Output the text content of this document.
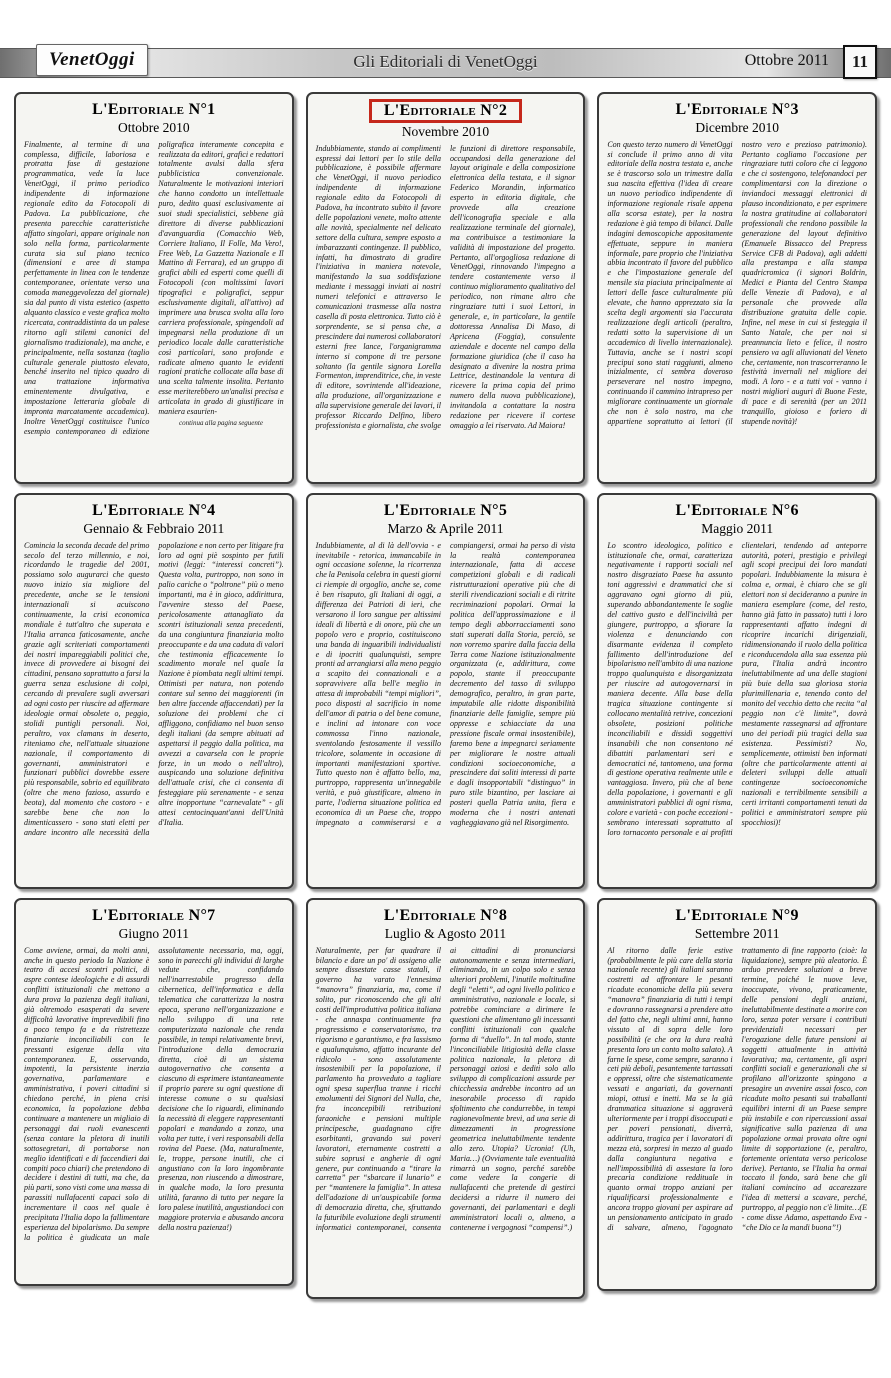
Gli Editoriali di VenetOggi
VenetOggi	Ottobre 2011 11
L'Editoriale N°1
Ottobre 2010

Finalmente, al termine di una complessa, difficile, laboriosa e protratta fase di gestazione programmatica, vede la luce VenetOggi, il primo periodico indipendente di informazione regionale edito da Fotocopoli di Padova. La pubblicazione, che presenta parecchie caratteristiche affatto singolari, appare originale non solo nella forma, particolarmente curata sia sul piano tecnico (dimensioni e aree di stampa perfettamente in linea con le tendenze contemporanee, orientate verso una comoda maneggevolezza del giornale) sia dal punto di vista estetico (aspetto alquanto classico e veste grafica molto ricercata, contraddistinta da un palese ritorno agli stilemi canonici del giornalismo tradizionale), ma anche, e principalmente, nella sostanza (taglio culturale generale piuttosto elevato, benché inserito nel tipico quadro di una trattazione informativa eminentemente divulgativa, e impostazione letteraria globale di impronta marcatamente accademica). Inoltre VenetOggi costituisce l'unico esempio contemporaneo di edizione poligrafica interamente concepita e realizzata da editori, grafici e redattori totalmente avulsi dalla sfera pubblicistica convenzionale. Naturalmente le motivazioni interiori che hanno condotto un intellettuale puro, dedito quasi esclusivamente ai suoi studi specialistici, sebbene già direttore di diverse pubblicazioni d'avanguardia (Comacchio Web, Corriere Italiano, Il Folle, Ma Vero!, Free Web, La Gazzetta Nazionale e Il Mattino di Ferrara), ed un gruppo di grafici abili ed esperti come quelli di Fotocopoli (con moltissimi lavori tipografici e poligrafici, seppur esclusivamente digitali, all'attivo) ad imprimere una brusca svolta alla loro carriera professionale, spingendoli ad impegnarsi nella produzione di un periodico locale dalle caratteristiche così particolari, sono profonde e radicate almeno quanto le evidenti ragioni pratiche collocate alla base di una scelta talmente insolita. Pertanto esse meriterebbero un'analisi precisa e articolata in grado di giustificare in maniera esaurien-

continua alla pagina seguente
L'Editoriale N°2
Novembre 2010

Indubbiamente, stando ai complimenti espressi dai lettori per lo stile della pubblicazione, è possibile affermare che VenetOggi, il nuovo periodico indipendente di informazione regionale edito da Fotocopoli di Padova, ha incontrato subito il favore delle popolazioni venete, molto attente alle novità, specialmente nel delicato settore della cultura, sempre esposto a imbarazzanti contingenze. Il pubblico, infatti, ha dimostrato di gradire l'iniziativa in maniera notevole, manifestando la sua soddisfazione mediante i messaggi inviati ai nostri numeri telefonici e attraverso le comunicazioni trasmesse alla nostra casella di posta elettronica. Tutto ciò è sorprendente, se si pensa che, a prescindere dai numerosi collaboratori esterni free lance, l'organigramma interno si compone di tre persone soltanto (la gentile signora Lorella Formenton, imprenditrice, che, in veste di editore, sovrintende all'ideazione, alla produzione, all'organizzazione e alla supervisione generale dei lavori, il professor Riccardo Delfino, libero professionista e giornalista, che svolge le funzioni di direttore responsabile, occupandosi della generazione del layout originale e della composizione elettronica della testata, e il signor Federico Morandin, informatico esperto in editoria digitale, che provvede alla creazione dell'iconografia speciale e alla realizzazione terminale del giornale), ma contribuisce a testimoniare la validità di impostazione del progetto. Pertanto, all'orgogliosa redazione di VenetOggi, rinnovando l'impegno a tendere costantemente verso il continuo miglioramento qualitativo del periodico, non rimane altro che ringraziare tutti i suoi Lettori, in generale, e, in particolare, la gentile dottoressa Annalisa Di Maso, di Apricena (Foggia), consulente aziendale e docente nel campo della formazione giuridica (che il caso ha designato a divenire la nostra prima Lettrice, destinandole la ventura di ricevere la prima copia del primo numero della nuova pubblicazione), invitandola a contattare la nostra redazione per ricevere il cortese omaggio a lei riservato. Ad Maiora!

L'Editoriale N°3
Dicembre 2010

Con questo terzo numero di VenetOggi si conclude il primo anno di vita editoriale della nostra testata e, anche se è trascorso solo un trimestre dalla sua nascita effettiva (l'idea di creare un nuovo periodico indipendente di informazione regionale risale appena alla scorsa estate), per la nostra redazione è già tempo di bilanci. Dalle indagini demoscopiche appositamente effettuate, seppure in maniera informale, pare proprio che l'iniziativa abbia incontrato il favore del pubblico e che l'impostazione generale del mensile sia piaciuta principalmente ai lettori delle fasce culturalmente più elevate, che hanno apprezzato sia la scelta degli argomenti sia l'accurata realizzazione degli articoli (peraltro, redatti sotto la supervisione di un accademico di livello internazionale). Tuttavia, anche se i nostri scopi precipui sono stati raggiunti, almeno inizialmente, ci sembra doveroso perseverare nel nostro impegno, continuando il cammino intrapreso per migliorare continuamente un giornale che non è solo nostro, ma che appartiene soprattutto ai lettori (il nostro vero e prezioso patrimonio). Pertanto cogliamo l'occasione per ringraziare tutti coloro che ci leggono e che ci sostengono, telefonandoci per complimentarsi con la direzione o inviandoci messaggi elettronici di plauso incondizionato, e per esprimere la nostra gratitudine ai collaboratori professionali che rendono possibile la generazione del layout definitivo (Emanuele Bissacco del Prepress Service CFB di Padova), agli addetti alla prestampa e alla stampa quadricromica (i signori Boldrin, Medici e Pianta del Centro Stampa delle Venezie di Padova), e al personale che provvede alla distribuzione gratuita delle copie. Infine, nel mese in cui si festeggia il Santo Natale, che per noi si preannuncia lieto e felice, il nostro pensiero va agli alluvionati del Veneto che, certamente, non trascorreranno le festività invernali nel migliore dei modi. A loro - e a tutti voi - vanno i nostri migliori auguri di Buone Feste, di pace e di serenità (per un 2011 tranquillo, gioioso e foriero di stupende novità)!

L'Editoriale N°4
Gennaio & Febbraio 2011

Comincia la seconda decade del primo secolo del terzo millennio, e noi, ricordando le tragedie del 2001, possiamo solo augurarci che questo nuovo inizio sia migliore del precedente, anche se le tensioni internazionali si acuiscono continuamente, la crisi economica mondiale è tutt'altro che superata e l'Italia arranca faticosamente, anche grazie agli scriteriati comportamenti dei nostri impareggiabili politici che, invece di provvedere ai bisogni dei cittadini, pensano soprattutto a farsi la guerra senza esclusione di colpi, cercando di prevalere sugli avversari ad ogni costo per riuscire ad affermare ideologie ormai obsolete o, peggio, stolidi puntigli personali. Noi, peraltro, vox clamans in deserto, riteniamo che, nell'attuale situazione nazionale, il comportamento di governanti, amministratori e funzionari pubblici dovrebbe essere più responsabile, sobrio ed equilibrato (oltre che meno fazioso, assurdo e beota), dal momento che costoro - e sarebbe bene che non lo dimenticassero - sono stati eletti per andare incontro alle necessità della popolazione e non certo per litigare fra loro ad ogni piè sospinto per futili motivi (leggi: “interessi concreti”). Questa volta, purtroppo, non sono in palio cariche o “poltrone” più o meno importanti, ma è in gioco, addirittura, l'avvenire stesso del Paese, pericolosamente attanagliato da scontri istituzionali senza precedenti, da una congiuntura finanziaria molto preoccupante e da una caduta di valori che testimonia efficacemente lo scadimento morale nel quale la Nazione è piombata negli ultimi tempi. Ottimisti per natura, non potendo contare sul senno dei maggiorenti (in ben altre faccende affaccendati) per la soluzione dei problemi che ci affliggono, confidiamo nel buon senso degli italiani (da sempre abituati ad aspettarsi il peggio dalla politica, ma avvezzi a cavarsela con le proprie forze, in un modo o nell'altro), auspicando una soluzione definitiva dell'attuale crisi, che ci consenta di festeggiare più serenamente - e senza altre inopportune “carnevalate” - gli attesi centocinquant'anni dell'Unità d'Italia.

L'Editoriale N°5
Marzo & Aprile 2011

Indubbiamente, al di là dell'ovvia - e inevitabile - retorica, immancabile in ogni occasione solenne, la ricorrenza che la Penisola celebra in questi giorni ci riempie di orgoglio, anche se, come è ben risaputo, gli Italiani di oggi, a differenza dei Patrioti di ieri, che versarono il loro sangue per altissimi ideali di libertà e di onore, più che un popolo vero e proprio, costituiscono una banda di inguaribili individualisti e di ipocriti qualunquisti, sempre pronti ad arrangiarsi alla meno peggio a scapito dei connazionali e a sopravvivere alla bell'e meglio in attesa di improbabili “tempi migliori”, poco disposti al sacrificio in nome dell'amor di patria o del bene comune, e inclini ad intonare con voce commossa l'inno nazionale, sventolando festosamente il vessillo tricolore, solamente in occasione di importanti manifestazioni sportive. Tutto questo non è affatto bello, ma, purtroppo, rappresenta un'innegabile verità, e può giustificare, almeno in parte, l'odierna situazione politica ed economica di un Paese che, troppo impegnato a commiserarsi e a compiangersi, ormai ha perso di vista la realtà contemporanea internazionale, fatta di accese competizioni globali e di radicali ristrutturazioni operative più che di sterili rivendicazioni sociali e di ritrite recriminazioni popolari. Ormai la politica dell'approssimazione e il tempo degli abborracciamenti sono stati superati dalla Storia, perciò, se non vorremo sparire dalla faccia della Terra come Nazione istituzionalmente organizzata (e, addirittura, come popolo, stante il preoccupante decremento del tasso di sviluppo demografico, peraltro, in gran parte, imputabile alle ridotte disponibilità finanziarie delle famiglie, sempre più oppresse e schiacciate da una pressione fiscale ormai insostenibile), faremo bene a impegnarci seriamente per migliorare le nostre attuali condizioni socioeconomiche, a prescindere dai soliti interessi di parte e dagli insopportabili “distinguo” in puro stile bizantino, per lasciare ai posteri quella Patria unita, fiera e moderna che i nostri antenati vagheggiavano già nel Risorgimento.

L'Editoriale N°6
Maggio 2011

Lo scontro ideologico, politico e istituzionale che, ormai, caratterizza negativamente i rapporti sociali nel nostro disgraziato Paese ha assunto toni aggressivi e drammatici che si aggravano ogni giorno di più, superando abbondantemente le soglie del cattivo gusto e dell'inciviltà per giungere, purtroppo, a sfiorare la violenza e denunciando con disarmante evidenza il completo fallimento dell'introduzione del bipolarismo nell'ambito di una nazione troppo qualunquista e disorganizzata per riuscire ad autogovernarsi in maniera decente. Alla base della tragica situazione contingente si collocano mentalità retrive, concezioni obsolete, posizioni politiche inconciliabili e dissidi soggettivi insanabili che non consentono né dibattiti parlamentari seri e democratici né, tantomeno, una forma di gestione operativa realmente utile e vantaggiosa. Invero, più che al bene della popolazione, i governanti e gli amministratori pubblici di ogni risma, colore e varietà - con poche eccezioni - sembrano interessati soprattutto al loro tornaconto personale e ai profitti clientelari, tendendo ad anteporre autorità, poteri, prestigio e privilegi agli scopi precipui dei loro mandati popolari. Indubbiamente la misura è colma e, ormai, è chiaro che se gli elettori non si decideranno a punire in maniera esemplare (come, del resto, hanno già fatto in passato) tutti i loro rappresentanti affatto indegni di ricoprire incarichi dirigenziali, ridimensionando il ruolo della politica e riconducendola alla sua essenza più pura, l'Italia andrà incontro ineluttabilmente ad una delle stagioni più buie della sua gloriosa storia plurimillenaria e, tenendo conto del monito del vecchio detto che recita “al peggio non c'è limite”, dovrà mestamente rassegnarsi ad affrontare uno dei periodi più tragici della sua esistenza. Pessimisti? No, semplicemente, ottimisti ben informati (oltre che particolarmente attenti ai deleteri sviluppi delle attuali contingenze socioeconomiche nazionali e terribilmente sensibili a certi irritanti comportamenti tenuti da politici e amministratori sempre più spocchiosi)!

L'Editoriale N°7
Giugno 2011

Come avviene, ormai, da molti anni, anche in questo periodo la Nazione è teatro di accesi scontri politici, di aspre contese ideologiche e di assurdi conflitti istituzionali che mettono a dura prova la pazienza degli italiani, già oltremodo esasperati da severe difficoltà lavorative imprevedibili fino a poco tempo fa e da ristrettezze finanziarie inconciliabili con le pressanti esigenze della vita contemporanea. E, osservando, impotenti, la persistente inerzia governativa, parlamentare e amministrativa, i poveri cittadini si chiedono perché, in piena crisi economica, la popolazione debba continuare a mantenere un migliaio di personaggi dai ruoli evanescenti (senza contare la pletora di inutili sottosegretari, di portaborse non meglio identificati e di faccendieri dai compiti poco chiari) che pretendono di decidere i destini di tutti, ma che, da più parti, sono visti come una massa di parassiti nullafacenti capaci solo di incrementare il caos nel quale è precipitata l'Italia dopo la fallimentare esperienza del bipolarismo. Da sempre la politica è giudicata un male assolutamente necessario, ma, oggi, sono in parecchi gli individui di larghe vedute che, confidando nell'inarrestabile progresso della cibernetica, dell'informatica e della telematica che caratterizza la nostra epoca, sperano nell'organizzazione e nello sviluppo di una rete computerizzata nazionale che renda possibile, in tempi relativamente brevi, l'introduzione della democrazia diretta, cioè di un sistema autogovernativo che consenta a ciascuno di esprimere istantaneamente il proprio parere su ogni questione di interesse comune o su qualsiasi decisione che lo riguardi, eliminando la necessità di eleggere rappresentanti popolari e mandando a zonzo, una volta per tutte, i veri responsabili della rovina del Paese. (Ma, naturalmente, le, troppe, persone inutili, che ci angustiano con la loro ingombrante presenza, non riuscendo a dimostrare, in qualche modo, la loro presunta utilità, faranno di tutto per negare la loro palese inutilità, angustiandoci con maggiore protervia e abusando ancora della nostra pazienza!)

L'Editoriale N°8
Luglio & Agosto 2011

Naturalmente, per far quadrare il bilancio e dare un po' di ossigeno alle sempre dissestate casse statali, il governo ha varato l'ennesima “manovra” finanziaria, ma, come il solito, pur riconoscendo che gli alti costi dell'improduttiva politica italiana - che annaspa continuamente fra progressismo e conservatorismo, tra rigorismo e garantismo, e fra lassismo e qualunquismo, affatto incurante del ridicolo - sono assolutamente insostenibili per la popolazione, il parlamento ha provveduto a tagliare ogni spesa superflua tranne i ricchi emolumenti dei Signori del Nulla, che, fra inconcepibili retribuzioni faraoniche e pensioni multiple principesche, guadagnano cifre esorbitanti, gravando sui poveri lavoratori, eternamente costretti a subire soprusi e angherie di ogni genere, pur continuando a “tirare la carretta” per “sbarcare il lunario” e per “mantenere la famiglia”. In attesa dell'adozione di un'auspicabile forma di democrazia diretta, che, sfruttando la futuribile evoluzione degli strumenti informatici contemporanei, consenta ai cittadini di pronunciarsi autonomamente e senza intermediari, eliminando, in un colpo solo e senza ulteriori problemi, l'inutile moltitudine degli “eletti”, ad ogni livello politico e amministrativo, nazionale e locale, si potrebbe cominciare a dirimere le questioni che alimentano gli incessanti conflitti istituzionali con qualche forma di “duello”. In tal modo, stante l'inconciliabile litigiosità della classe politica nazionale, la pletora di personaggi oziosi e dediti solo allo sviluppo di complicazioni assurde per chicchessia andrebbe incontro ad un inesorabile processo di rapido sfoltimento che condurrebbe, in tempi ragionevolmente brevi, ad una serie di dimezzamenti in progressione geometrica ineluttabilmente tendente allo zero. Utopia? Ucronia! (Uh, Maria…) (Ovviamente tale eventualità rimarrà un sogno, perché sarebbe come vedere la congerie di nullafacenti che pretende di gestirci decidersi a ridurre il numero dei governanti, dei parlamentari e degli amministratori locali o, almeno, a contenerne i vergognosi “compensi”.)

L'Editoriale N°9
Settembre 2011

Al ritorno dalle ferie estive (probabilmente le più care della storia nazionale recente) gli italiani saranno costretti ad affrontare le pesanti ricadute economiche della più severa “manovra” finanziaria di tutti i tempi e dovranno rassegnarsi a prendere atto del fatto che, negli ultimi anni, hanno vissuto al di sopra delle loro possibilità (e che ora la dura realtà presenta loro un conto molto salato). A farne le spese, come sempre, saranno i ceti più deboli, pesantemente tartassati e oppressi, oltre che sistematicamente vessati e angariati, da governanti miopi, ottusi e inetti. Ma se la già drammatica situazione si aggraverà ulteriormente per i troppi disoccupati e per poveri pensionati, diverrà, addirittura, tragica per i lavoratori di mezza età, sorpresi in mezzo al guado dalla congiuntura negativa e nell'impossibilità di assestare la loro precaria condizione reddituale in quanto ormai troppo anziani per riqualificarsi professionalmente e ancora troppo giovani per aspirare ad un pensionamento anticipato in grado di salvare, almeno, l'agognato trattamento di fine rapporto (cioè: la liquidazione), sempre più aleatorio. È arduo prevedere soluzioni a breve termine, poiché le nuove leve, inoccupate, vivono, praticamente, delle pensioni degli anziani, ineluttabilmente destinate a morire con loro, senza poter versare i contributi previdenziali necessari per l'erogazione delle future pensioni ai soggetti attualmente in attività lavorativa; ma, certamente, gli aspri conflitti sociali e generazionali che si profilano all'orizzonte spingono a presagire un avvenire assai fosco, con ricadute molto pesanti sui traballanti equilibri interni di un Paese sempre più instabile e con ripercussioni assai significative sulla pazienza di una popolazione ormai provata oltre ogni limite di sopportazione (e, peraltro, fortemente orientata verso pericolose derive). Pertanto, se l'Italia ha ormai toccato il fondo, sarà bene che gli italiani comincino ad accarezzare l'idea di mettersi a scavare, perché, purtroppo, al peggio non c'è limite…(E - come disse Adamo, aspettando Eva - “che Dio ce la mandi buona”!)
